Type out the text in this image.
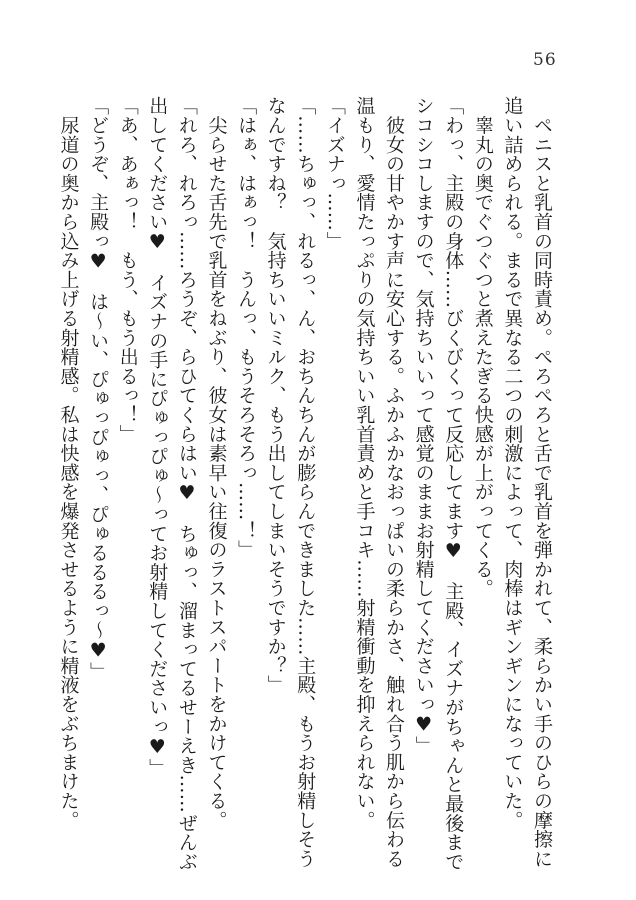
56
　ペニスと乳首の同時責め。ぺろぺろと舌で乳首を弾かれて、柔らかい手のひらの摩擦に
追い詰められる。まるで異なる二つの刺激によって、肉棒はギンギンになっていた。
　睾丸の奥でぐつぐつと煮えたぎる快感が上がってくる。
「わっ、主殿の身体……びくびくって反応してます♥　主殿、イズナがちゃんと最後まで
シコシコしますので、気持ちいいって感覚のままお射精してくださいっ♥」
　彼女の甘やかす声に安心する。ふかふかなおっぱいの柔らかさ、触れ合う肌から伝わる
温もり、愛情たっぷりの気持ちいい乳首責めと手コキ……射精衝動を抑えられない。
「イズナっ……」
「……ちゅっ、れるっ、ん、おちんちんが膨らんできました……主殿、もうお射精しそう
なんですね？　気持ちいいミルク、もう出してしまいそうですか？」
「はぁ、はぁっ！　うんっ、もうそろそろっ……！」
　尖らせた舌先で乳首をねぶり、彼女は素早い往復のラストスパートをかけてくる。
「れろ、れろっ……ろうぞ、らひてくらはい♥　ちゅっ、溜まってるせーえき……ぜんぶ
出してください♥　イズナの手にぴゅっぴゅ～ってお射精してくださいっ♥」
「あ、あぁっ！　もう、もう出るっ！」
「どうぞ、主殿っ♥　は～い、ぴゅっぴゅっ、ぴゅるるるっ～♥」
　尿道の奥から込み上げる射精感。私は快感を爆発させるように精液をぶちまけた。
